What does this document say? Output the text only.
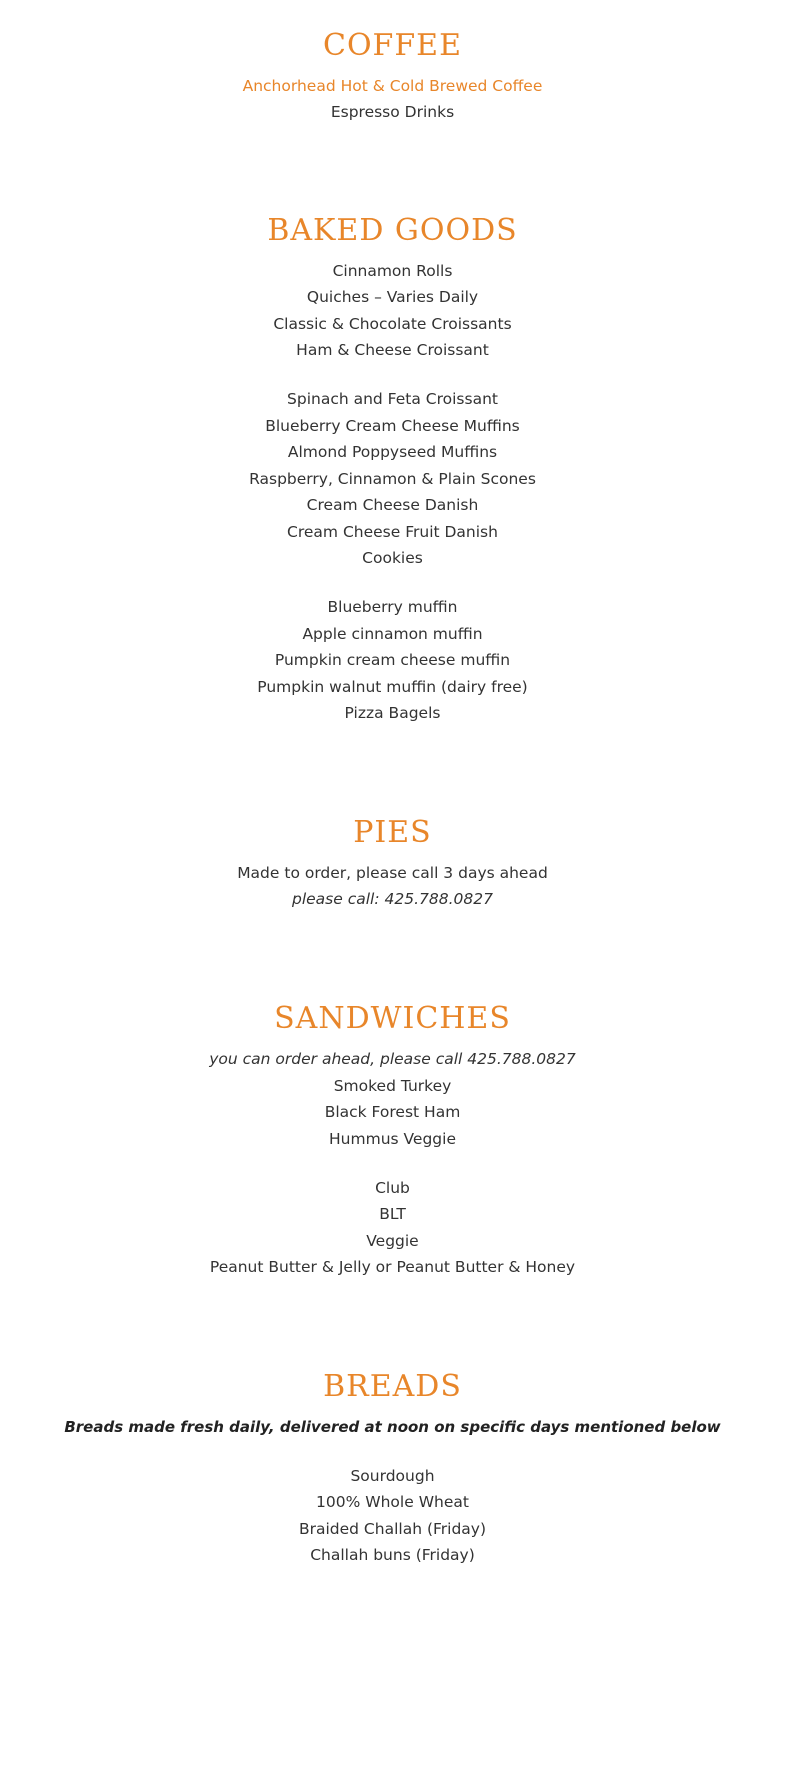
COFFEE
Anchorhead Hot & Cold Brewed Coffee
Espresso Drinks
BAKED GOODS
Cinnamon Rolls
Quiches – Varies Daily
Classic & Chocolate Croissants
Ham & Cheese Croissant
Spinach and Feta Croissant
Blueberry Cream Cheese Muffins
Almond Poppyseed Muffins
Raspberry, Cinnamon & Plain Scones
Cream Cheese Danish
Cream Cheese Fruit Danish
Cookies
Blueberry muffin
Apple cinnamon muffin
Pumpkin cream cheese muffin
Pumpkin walnut muffin (dairy free)
Pizza Bagels
PIES
Made to order, please call 3 days ahead
please call: 425.788.0827
SANDWICHES
you can order ahead, please call 425.788.0827
Smoked Turkey
Black Forest Ham
Hummus Veggie
Club
BLT
Veggie
Peanut Butter & Jelly or Peanut Butter & Honey
BREADS
Breads made fresh daily, delivered at noon on specific days mentioned below
Sourdough
100% Whole Wheat
Braided Challah (Friday)
Challah buns (Friday)
